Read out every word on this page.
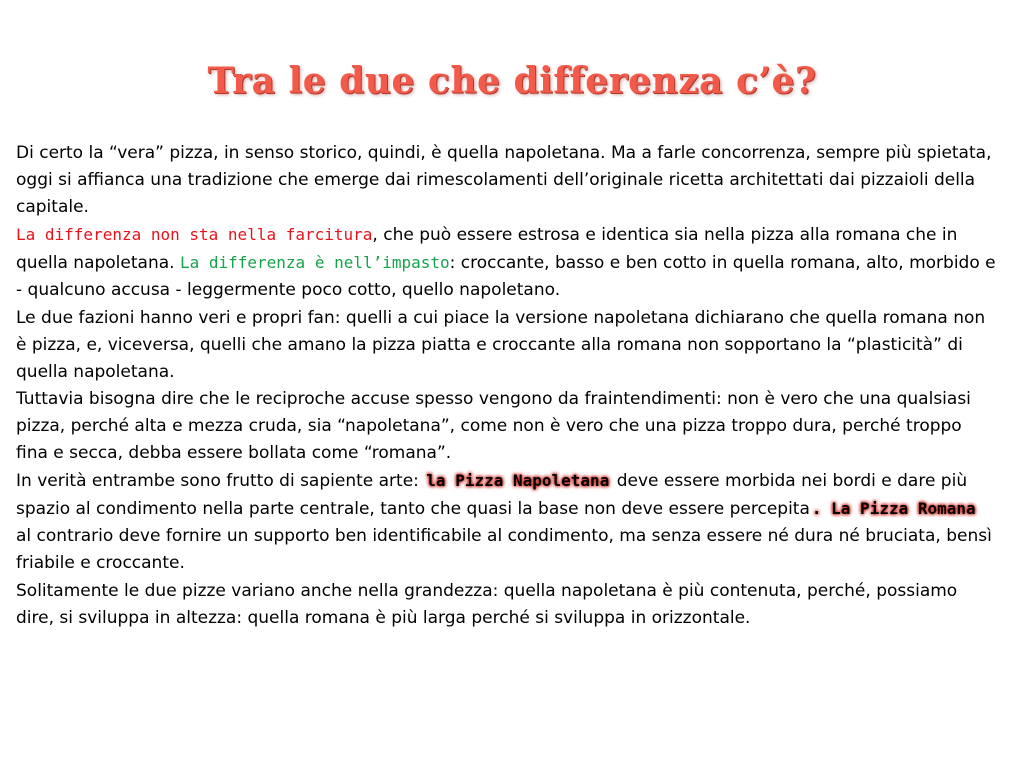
Tra le due che differenza c’è?

Di certo la “vera” pizza, in senso storico, quindi, è quella napoletana. Ma a farle concorrenza, sempre più spietata, oggi si affianca una tradizione che emerge dai rimescolamenti dell’originale ricetta architettati dai pizzaioli della capitale.

La differenza non sta nella farcitura, che può essere estrosa e identica sia nella pizza alla romana che in quella napoletana. La differenza è nell’impasto: croccante, basso e ben cotto in quella romana, alto, morbido e - qualcuno accusa - leggermente poco cotto, quello napoletano.

Le due fazioni hanno veri e propri fan: quelli a cui piace la versione napoletana dichiarano che quella romana non è pizza, e, viceversa, quelli che amano la pizza piatta e croccante alla romana non sopportano la “plasticità” di quella napoletana.

Tuttavia bisogna dire che le reciproche accuse spesso vengono da fraintendimenti: non è vero che una qualsiasi pizza, perché alta e mezza cruda, sia “napoletana”, come non è vero che una pizza troppo dura, perché troppo fina e secca, debba essere bollata come “romana”.

In verità entrambe sono frutto di sapiente arte: la Pizza Napoletana deve essere morbida nei bordi e dare più spazio al condimento nella parte centrale, tanto che quasi la base non deve essere percepita . La Pizza Romana al contrario deve fornire un supporto ben identificabile al condimento, ma senza essere né dura né bruciata, bensì friabile e croccante.

Solitamente le due pizze variano anche nella grandezza: quella napoletana è più contenuta, perché, possiamo dire, si sviluppa in altezza: quella romana è più larga perché si sviluppa in orizzontale.
